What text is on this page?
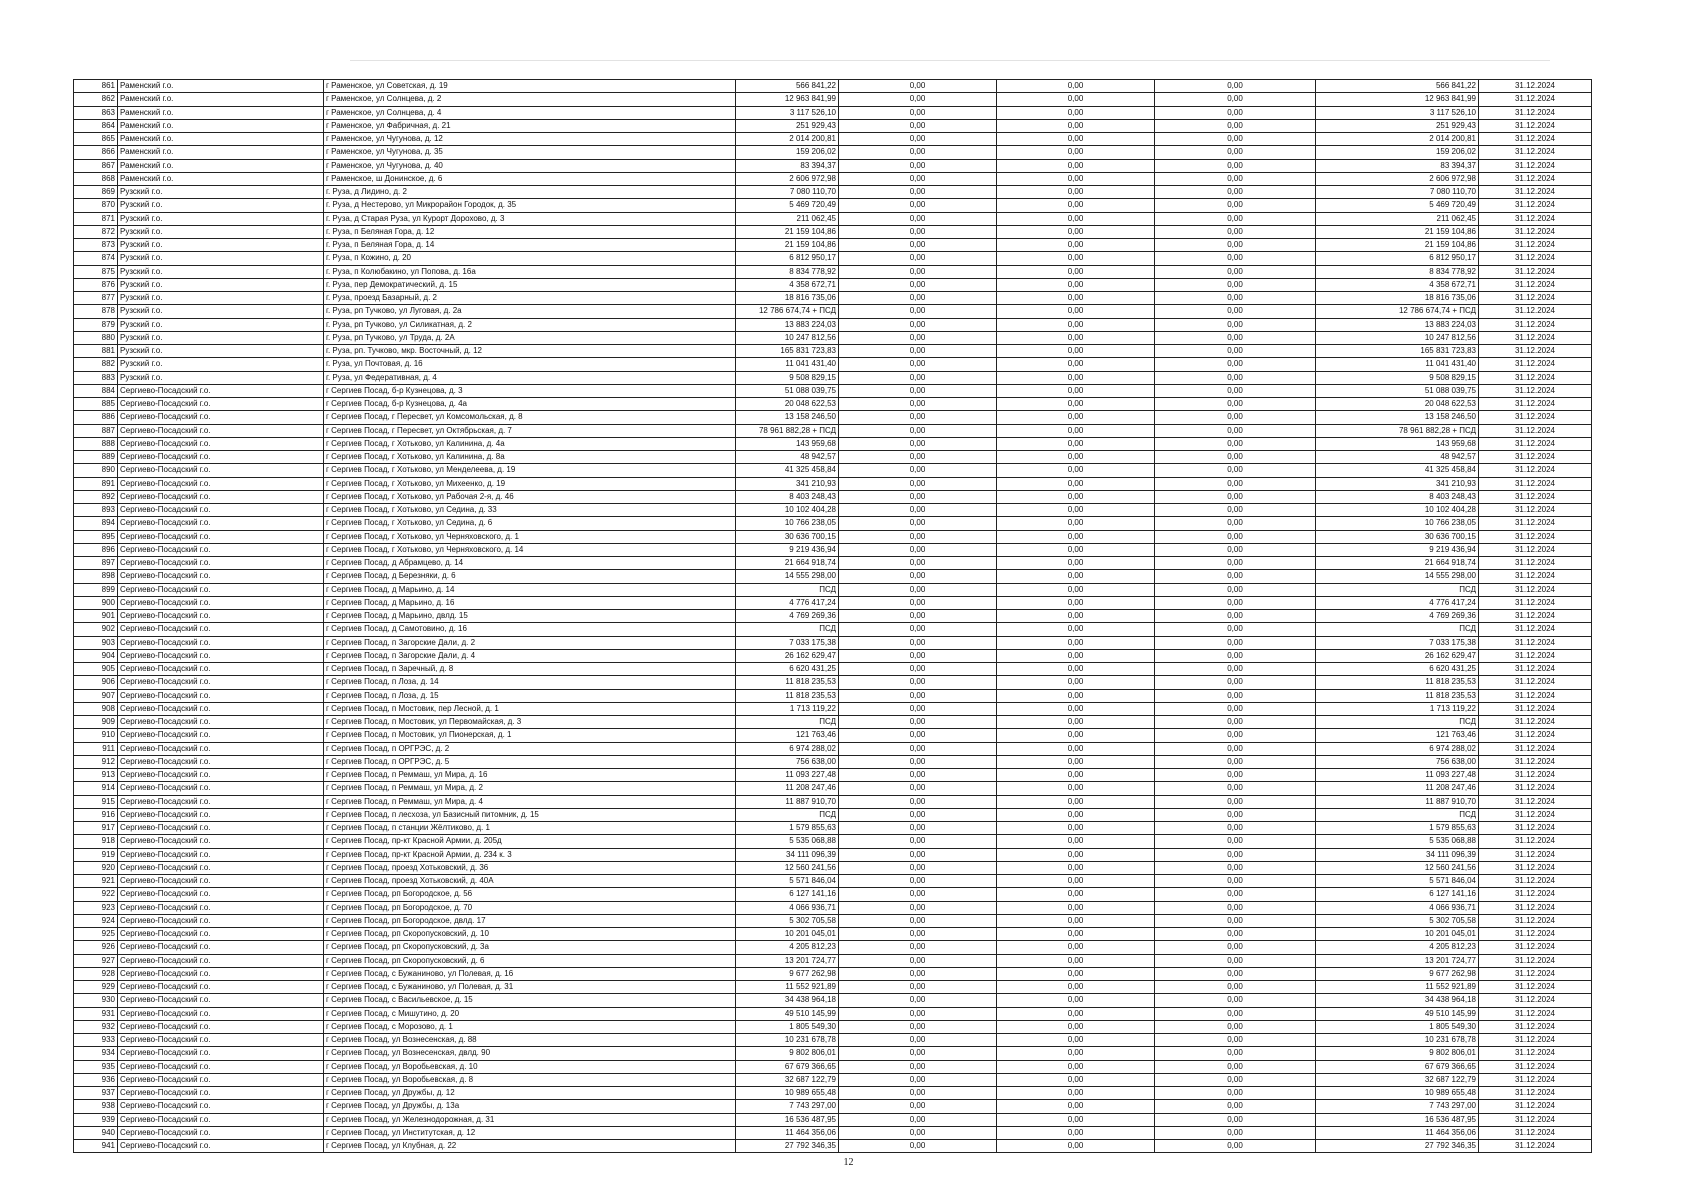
861	Раменский г.о.	г Раменское, ул Советская, д. 19	566 841,22	0,00	0,00	0,00	566 841,22	31.12.2024
862	Раменский г.о.	г Раменское, ул Солнцева, д. 2	12 963 841,99	0,00	0,00	0,00	12 963 841,99	31.12.2024
863	Раменский г.о.	г Раменское, ул Солнцева, д. 4	3 117 526,10	0,00	0,00	0,00	3 117 526,10	31.12.2024
864	Раменский г.о.	г Раменское, ул Фабричная, д. 21	251 929,43	0,00	0,00	0,00	251 929,43	31.12.2024
865	Раменский г.о.	г Раменское, ул Чугунова, д. 12	2 014 200,81	0,00	0,00	0,00	2 014 200,81	31.12.2024
866	Раменский г.о.	г Раменское, ул Чугунова, д. 35	159 206,02	0,00	0,00	0,00	159 206,02	31.12.2024
867	Раменский г.о.	г Раменское, ул Чугунова, д. 40	83 394,37	0,00	0,00	0,00	83 394,37	31.12.2024
868	Раменский г.о.	г Раменское, ш Донинское, д. 6	2 606 972,98	0,00	0,00	0,00	2 606 972,98	31.12.2024
869	Рузский г.о.	г. Руза, д Лидино, д. 2	7 080 110,70	0,00	0,00	0,00	7 080 110,70	31.12.2024
870	Рузский г.о.	г. Руза, д Нестерово, ул Микрорайон Городок, д. 35	5 469 720,49	0,00	0,00	0,00	5 469 720,49	31.12.2024
871	Рузский г.о.	г. Руза, д Старая Руза, ул Курорт Дорохово, д. 3	211 062,45	0,00	0,00	0,00	211 062,45	31.12.2024
872	Рузский г.о.	г. Руза, п Беляная Гора, д. 12	21 159 104,86	0,00	0,00	0,00	21 159 104,86	31.12.2024
873	Рузский г.о.	г. Руза, п Беляная Гора, д. 14	21 159 104,86	0,00	0,00	0,00	21 159 104,86	31.12.2024
874	Рузский г.о.	г. Руза, п Кожино, д. 20	6 812 950,17	0,00	0,00	0,00	6 812 950,17	31.12.2024
875	Рузский г.о.	г. Руза, п Колюбакино, ул Попова, д. 16а	8 834 778,92	0,00	0,00	0,00	8 834 778,92	31.12.2024
876	Рузский г.о.	г. Руза, пер Демократический, д. 15	4 358 672,71	0,00	0,00	0,00	4 358 672,71	31.12.2024
877	Рузский г.о.	г. Руза, проезд Базарный, д. 2	18 816 735,06	0,00	0,00	0,00	18 816 735,06	31.12.2024
878	Рузский г.о.	г. Руза, рп Тучково, ул Луговая, д. 2а	12 786 674,74 + ПСД	0,00	0,00	0,00	12 786 674,74 + ПСД	31.12.2024
879	Рузский г.о.	г. Руза, рп Тучково, ул Силикатная, д. 2	13 883 224,03	0,00	0,00	0,00	13 883 224,03	31.12.2024
880	Рузский г.о.	г. Руза, рп Тучково, ул Труда, д. 2А	10 247 812,56	0,00	0,00	0,00	10 247 812,56	31.12.2024
881	Рузский г.о.	г. Руза, рп. Тучково, мкр. Восточный, д. 12	165 831 723,83	0,00	0,00	0,00	165 831 723,83	31.12.2024
882	Рузский г.о.	г. Руза, ул Почтовая, д. 16	11 041 431,40	0,00	0,00	0,00	11 041 431,40	31.12.2024
883	Рузский г.о.	г. Руза, ул Федеративная, д. 4	9 508 829,15	0,00	0,00	0,00	9 508 829,15	31.12.2024
884	Сергиево-Посадский г.о.	г Сергиев Посад, б-р Кузнецова, д. 3	51 088 039,75	0,00	0,00	0,00	51 088 039,75	31.12.2024
885	Сергиево-Посадский г.о.	г Сергиев Посад, б-р Кузнецова, д. 4а	20 048 622,53	0,00	0,00	0,00	20 048 622,53	31.12.2024
886	Сергиево-Посадский г.о.	г Сергиев Посад, г Пересвет, ул Комсомольская, д. 8	13 158 246,50	0,00	0,00	0,00	13 158 246,50	31.12.2024
887	Сергиево-Посадский г.о.	г Сергиев Посад, г Пересвет, ул Октябрьская, д. 7	78 961 882,28 + ПСД	0,00	0,00	0,00	78 961 882,28 + ПСД	31.12.2024
888	Сергиево-Посадский г.о.	г Сергиев Посад, г Хотьково, ул Калинина, д. 4а	143 959,68	0,00	0,00	0,00	143 959,68	31.12.2024
889	Сергиево-Посадский г.о.	г Сергиев Посад, г Хотьково, ул Калинина, д. 8а	48 942,57	0,00	0,00	0,00	48 942,57	31.12.2024
890	Сергиево-Посадский г.о.	г Сергиев Посад, г Хотьково, ул Менделеева, д. 19	41 325 458,84	0,00	0,00	0,00	41 325 458,84	31.12.2024
891	Сергиево-Посадский г.о.	г Сергиев Посад, г Хотьково, ул Михеенко, д. 19	341 210,93	0,00	0,00	0,00	341 210,93	31.12.2024
892	Сергиево-Посадский г.о.	г Сергиев Посад, г Хотьково, ул Рабочая 2-я, д. 46	8 403 248,43	0,00	0,00	0,00	8 403 248,43	31.12.2024
893	Сергиево-Посадский г.о.	г Сергиев Посад, г Хотьково, ул Седина, д. 33	10 102 404,28	0,00	0,00	0,00	10 102 404,28	31.12.2024
894	Сергиево-Посадский г.о.	г Сергиев Посад, г Хотьково, ул Седина, д. 6	10 766 238,05	0,00	0,00	0,00	10 766 238,05	31.12.2024
895	Сергиево-Посадский г.о.	г Сергиев Посад, г Хотьково, ул Черняховского, д. 1	30 636 700,15	0,00	0,00	0,00	30 636 700,15	31.12.2024
896	Сергиево-Посадский г.о.	г Сергиев Посад, г Хотьково, ул Черняховского, д. 14	9 219 436,94	0,00	0,00	0,00	9 219 436,94	31.12.2024
897	Сергиево-Посадский г.о.	г Сергиев Посад, д Абрамцево, д. 14	21 664 918,74	0,00	0,00	0,00	21 664 918,74	31.12.2024
898	Сергиево-Посадский г.о.	г Сергиев Посад, д Березняки, д. 6	14 555 298,00	0,00	0,00	0,00	14 555 298,00	31.12.2024
899	Сергиево-Посадский г.о.	г Сергиев Посад, д Марьино, д. 14	ПСД	0,00	0,00	0,00	ПСД	31.12.2024
900	Сергиево-Посадский г.о.	г Сергиев Посад, д Марьино, д. 16	4 776 417,24	0,00	0,00	0,00	4 776 417,24	31.12.2024
901	Сергиево-Посадский г.о.	г Сергиев Посад, д Марьино, двлд. 15	4 769 269,36	0,00	0,00	0,00	4 769 269,36	31.12.2024
902	Сергиево-Посадский г.о.	г Сергиев Посад, д Самотовино, д. 16	ПСД	0,00	0,00	0,00	ПСД	31.12.2024
903	Сергиево-Посадский г.о.	г Сергиев Посад, п Загорские Дали, д. 2	7 033 175,38	0,00	0,00	0,00	7 033 175,38	31.12.2024
904	Сергиево-Посадский г.о.	г Сергиев Посад, п Загорские Дали, д. 4	26 162 629,47	0,00	0,00	0,00	26 162 629,47	31.12.2024
905	Сергиево-Посадский г.о.	г Сергиев Посад, п Заречный, д. 8	6 620 431,25	0,00	0,00	0,00	6 620 431,25	31.12.2024
906	Сергиево-Посадский г.о.	г Сергиев Посад, п Лоза, д. 14	11 818 235,53	0,00	0,00	0,00	11 818 235,53	31.12.2024
907	Сергиево-Посадский г.о.	г Сергиев Посад, п Лоза, д. 15	11 818 235,53	0,00	0,00	0,00	11 818 235,53	31.12.2024
908	Сергиево-Посадский г.о.	г Сергиев Посад, п Мостовик, пер Лесной, д. 1	1 713 119,22	0,00	0,00	0,00	1 713 119,22	31.12.2024
909	Сергиево-Посадский г.о.	г Сергиев Посад, п Мостовик, ул Первомайская, д. 3	ПСД	0,00	0,00	0,00	ПСД	31.12.2024
910	Сергиево-Посадский г.о.	г Сергиев Посад, п Мостовик, ул Пионерская, д. 1	121 763,46	0,00	0,00	0,00	121 763,46	31.12.2024
911	Сергиево-Посадский г.о.	г Сергиев Посад, п ОРГРЭС, д. 2	6 974 288,02	0,00	0,00	0,00	6 974 288,02	31.12.2024
912	Сергиево-Посадский г.о.	г Сергиев Посад, п ОРГРЭС, д. 5	756 638,00	0,00	0,00	0,00	756 638,00	31.12.2024
913	Сергиево-Посадский г.о.	г Сергиев Посад, п Реммаш, ул Мира, д. 16	11 093 227,48	0,00	0,00	0,00	11 093 227,48	31.12.2024
914	Сергиево-Посадский г.о.	г Сергиев Посад, п Реммаш, ул Мира, д. 2	11 208 247,46	0,00	0,00	0,00	11 208 247,46	31.12.2024
915	Сергиево-Посадский г.о.	г Сергиев Посад, п Реммаш, ул Мира, д. 4	11 887 910,70	0,00	0,00	0,00	11 887 910,70	31.12.2024
916	Сергиево-Посадский г.о.	г Сергиев Посад, п лесхоза, ул Базисный питомник, д. 15	ПСД	0,00	0,00	0,00	ПСД	31.12.2024
917	Сергиево-Посадский г.о.	г Сергиев Посад, п станции Жёлтиково, д. 1	1 579 855,63	0,00	0,00	0,00	1 579 855,63	31.12.2024
918	Сергиево-Посадский г.о.	г Сергиев Посад, пр-кт Красной Армии, д. 205д	5 535 068,88	0,00	0,00	0,00	5 535 068,88	31.12.2024
919	Сергиево-Посадский г.о.	г Сергиев Посад, пр-кт Красной Армии, д. 234 к. 3	34 111 096,39	0,00	0,00	0,00	34 111 096,39	31.12.2024
920	Сергиево-Посадский г.о.	г Сергиев Посад, проезд Хотьковский, д. 36	12 560 241,56	0,00	0,00	0,00	12 560 241,56	31.12.2024
921	Сергиево-Посадский г.о.	г Сергиев Посад, проезд Хотьковский, д. 40А	5 571 846,04	0,00	0,00	0,00	5 571 846,04	31.12.2024
922	Сергиево-Посадский г.о.	г Сергиев Посад, рп Богородское, д. 56	6 127 141,16	0,00	0,00	0,00	6 127 141,16	31.12.2024
923	Сергиево-Посадский г.о.	г Сергиев Посад, рп Богородское, д. 70	4 066 936,71	0,00	0,00	0,00	4 066 936,71	31.12.2024
924	Сергиево-Посадский г.о.	г Сергиев Посад, рп Богородское, двлд. 17	5 302 705,58	0,00	0,00	0,00	5 302 705,58	31.12.2024
925	Сергиево-Посадский г.о.	г Сергиев Посад, рп Скоропусковский, д. 10	10 201 045,01	0,00	0,00	0,00	10 201 045,01	31.12.2024
926	Сергиево-Посадский г.о.	г Сергиев Посад, рп Скоропусковский, д. 3а	4 205 812,23	0,00	0,00	0,00	4 205 812,23	31.12.2024
927	Сергиево-Посадский г.о.	г Сергиев Посад, рп Скоропусковский, д. 6	13 201 724,77	0,00	0,00	0,00	13 201 724,77	31.12.2024
928	Сергиево-Посадский г.о.	г Сергиев Посад, с Бужаниново, ул Полевая, д. 16	9 677 262,98	0,00	0,00	0,00	9 677 262,98	31.12.2024
929	Сергиево-Посадский г.о.	г Сергиев Посад, с Бужаниново, ул Полевая, д. 31	11 552 921,89	0,00	0,00	0,00	11 552 921,89	31.12.2024
930	Сергиево-Посадский г.о.	г Сергиев Посад, с Васильевское, д. 15	34 438 964,18	0,00	0,00	0,00	34 438 964,18	31.12.2024
931	Сергиево-Посадский г.о.	г Сергиев Посад, с Мишутино, д. 20	49 510 145,99	0,00	0,00	0,00	49 510 145,99	31.12.2024
932	Сергиево-Посадский г.о.	г Сергиев Посад, с Морозово, д. 1	1 805 549,30	0,00	0,00	0,00	1 805 549,30	31.12.2024
933	Сергиево-Посадский г.о.	г Сергиев Посад, ул Вознесенская, д. 88	10 231 678,78	0,00	0,00	0,00	10 231 678,78	31.12.2024
934	Сергиево-Посадский г.о.	г Сергиев Посад, ул Вознесенская, двлд. 90	9 802 806,01	0,00	0,00	0,00	9 802 806,01	31.12.2024
935	Сергиево-Посадский г.о.	г Сергиев Посад, ул Воробьевская, д. 10	67 679 366,65	0,00	0,00	0,00	67 679 366,65	31.12.2024
936	Сергиево-Посадский г.о.	г Сергиев Посад, ул Воробьевская, д. 8	32 687 122,79	0,00	0,00	0,00	32 687 122,79	31.12.2024
937	Сергиево-Посадский г.о.	г Сергиев Посад, ул Дружбы, д. 12	10 989 655,48	0,00	0,00	0,00	10 989 655,48	31.12.2024
938	Сергиево-Посадский г.о.	г Сергиев Посад, ул Дружбы, д. 13а	7 743 297,00	0,00	0,00	0,00	7 743 297,00	31.12.2024
939	Сергиево-Посадский г.о.	г Сергиев Посад, ул Железнодорожная, д. 31	16 536 487,95	0,00	0,00	0,00	16 536 487,95	31.12.2024
940	Сергиево-Посадский г.о.	г Сергиев Посад, ул Институтская, д. 12	11 464 356,06	0,00	0,00	0,00	11 464 356,06	31.12.2024
941	Сергиево-Посадский г.о.	г Сергиев Посад, ул Клубная, д. 22	27 792 346,35	0,00	0,00	0,00	27 792 346,35	31.12.2024
12
